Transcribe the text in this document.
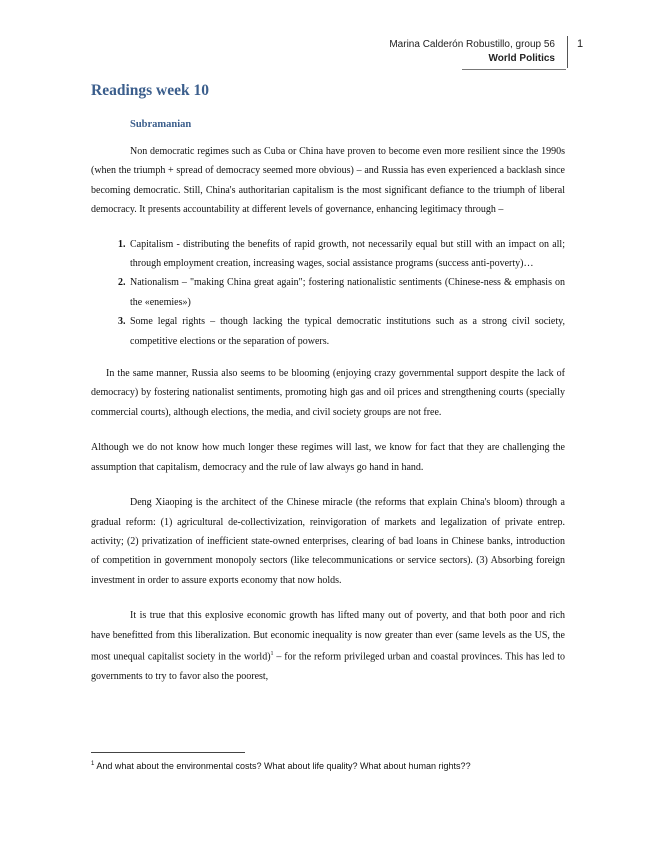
Marina Calderón Robustillo, group 56
World Politics
1
Readings week 10
Subramanian

Non democratic regimes such as Cuba or China have proven to become even more resilient since the 1990s (when the triumph + spread of democracy seemed more obvious) – and Russia has even experienced a backlash since becoming democratic. Still, China's authoritarian capitalism is the most significant defiance to the triumph of liberal democracy. It presents accountability at different levels of governance, enhancing legitimacy through –

1. Capitalism - distributing the benefits of rapid growth, not necessarily equal but still with an impact on all; through employment creation, increasing wages, social assistance programs (success anti-poverty)…
2. Nationalism – "making China great again"; fostering nationalistic sentiments (Chinese-ness & emphasis on the «enemies»)
3. Some legal rights – though lacking the typical democratic institutions such as a strong civil society, competitive elections or the separation of powers.

In the same manner, Russia also seems to be blooming (enjoying crazy governmental support despite the lack of democracy) by fostering nationalist sentiments, promoting high gas and oil prices and strengthening courts (specially commercial courts), although elections, the media, and civil society groups are not free.

Although we do not know how much longer these regimes will last, we know for fact that they are challenging the assumption that capitalism, democracy and the rule of law always go hand in hand.

Deng Xiaoping is the architect of the Chinese miracle (the reforms that explain China's bloom) through a gradual reform: (1) agricultural de-collectivization, reinvigoration of markets and legalization of private entrep. activity; (2) privatization of inefficient state-owned enterprises, clearing of bad loans in Chinese banks, introduction of competition in government monopoly sectors (like telecommunications or service sectors). (3) Absorbing foreign investment in order to assure exports economy that now holds.

It is true that this explosive economic growth has lifted many out of poverty, and that both poor and rich have benefitted from this liberalization. But economic inequality is now greater than ever (same levels as the US, the most unequal capitalist society in the world)$^1$ – for the reform privileged urban and coastal provinces. This has led to governments to try to favor also the poorest,

$^1$ And what about the environmental costs? What about life quality? What about human rights??
